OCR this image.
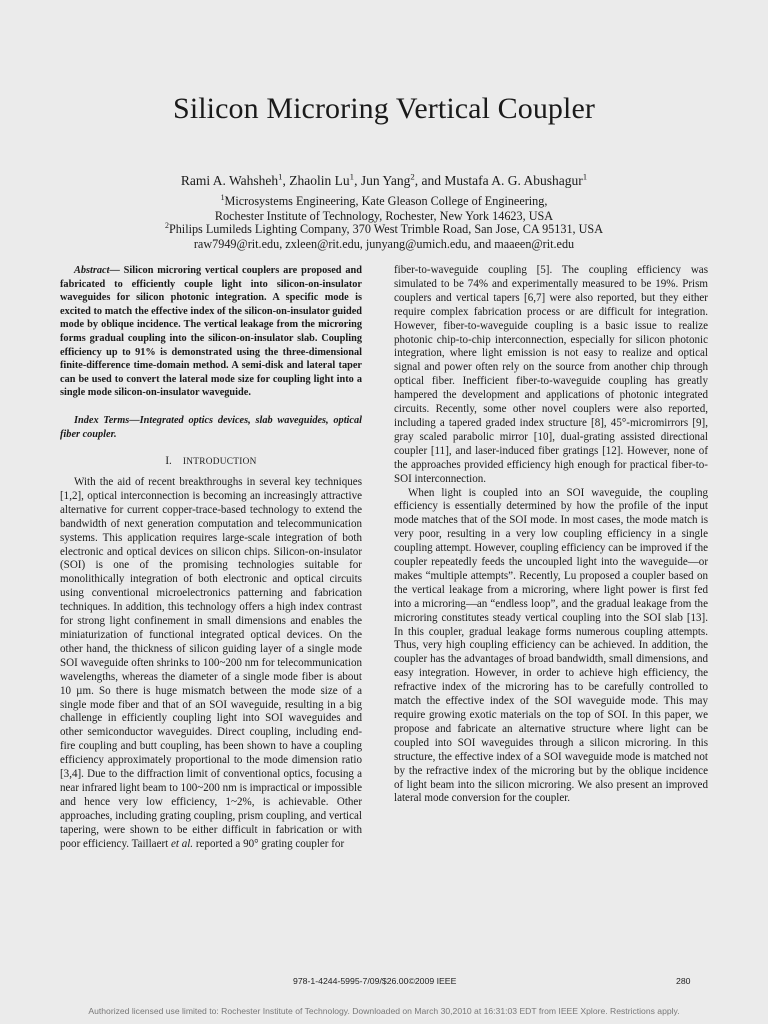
Silicon Microring Vertical Coupler
Rami A. Wahsheh$^1$, Zhaolin Lu$^1$, Jun Yang$^2$, and Mustafa A. G. Abushagur$^1$
$^1$Microsystems Engineering, Kate Gleason College of Engineering,
Rochester Institute of Technology, Rochester, New York 14623, USA
$^2$Philips Lumileds Lighting Company, 370 West Trimble Road, San Jose, CA 95131, USA
raw7949@rit.edu, zxleen@rit.edu, junyang@umich.edu, and maaeen@rit.edu

Abstract— Silicon microring vertical couplers are proposed and fabricated to efficiently couple light into silicon-on-insulator waveguides for silicon photonic integration. A specific mode is excited to match the effective index of the silicon-on-insulator guided mode by oblique incidence. The vertical leakage from the microring forms gradual coupling into the silicon-on-insulator slab. Coupling efficiency up to 91% is demonstrated using the three-dimensional finite-difference time-domain method. A semi-disk and lateral taper can be used to convert the lateral mode size for coupling light into a single mode silicon-on-insulator waveguide.

Index Terms—Integrated optics devices, slab waveguides, optical fiber coupler.

I. INTRODUCTION

With the aid of recent breakthroughs in several key techniques [1,2], optical interconnection is becoming an increasingly attractive alternative for current copper-trace-based technology to extend the bandwidth of next generation computation and telecommunication systems. This application requires large-scale integration of both electronic and optical devices on silicon chips. Silicon-on-insulator (SOI) is one of the promising technologies suitable for monolithically integration of both electronic and optical circuits using conventional microelectronics patterning and fabrication techniques. In addition, this technology offers a high index contrast for strong light confinement in small dimensions and enables the miniaturization of functional integrated optical devices. On the other hand, the thickness of silicon guiding layer of a single mode SOI waveguide often shrinks to 100~200 nm for telecommunication wavelengths, whereas the diameter of a single mode fiber is about 10 µm. So there is huge mismatch between the mode size of a single mode fiber and that of an SOI waveguide, resulting in a big challenge in efficiently coupling light into SOI waveguides and other semiconductor waveguides. Direct coupling, including end-fire coupling and butt coupling, has been shown to have a coupling efficiency approximately proportional to the mode dimension ratio [3,4]. Due to the diffraction limit of conventional optics, focusing a near infrared light beam to 100~200 nm is impractical or impossible and hence very low efficiency, 1~2%, is achievable. Other approaches, including grating coupling, prism coupling, and vertical tapering, were shown to be either difficult in fabrication or with poor efficiency. Taillaert et al. reported a 90° grating coupler for

fiber-to-waveguide coupling [5]. The coupling efficiency was simulated to be 74% and experimentally measured to be 19%. Prism couplers and vertical tapers [6,7] were also reported, but they either require complex fabrication process or are difficult for integration. However, fiber-to-waveguide coupling is a basic issue to realize photonic chip-to-chip interconnection, especially for silicon photonic integration, where light emission is not easy to realize and optical signal and power often rely on the source from another chip through optical fiber. Inefficient fiber-to-waveguide coupling has greatly hampered the development and applications of photonic integrated circuits. Recently, some other novel couplers were also reported, including a tapered graded index structure [8], 45°-micromirrors [9], gray scaled parabolic mirror [10], dual-grating assisted directional coupler [11], and laser-induced fiber gratings [12]. However, none of the approaches provided efficiency high enough for practical fiber-to-SOI interconnection.

When light is coupled into an SOI waveguide, the coupling efficiency is essentially determined by how the profile of the input mode matches that of the SOI mode. In most cases, the mode match is very poor, resulting in a very low coupling efficiency in a single coupling attempt. However, coupling efficiency can be improved if the coupler repeatedly feeds the uncoupled light into the waveguide—or makes “multiple attempts”. Recently, Lu proposed a coupler based on the vertical leakage from a microring, where light power is first fed into a microring—an “endless loop”, and the gradual leakage from the microring constitutes steady vertical coupling into the SOI slab [13]. In this coupler, gradual leakage forms numerous coupling attempts. Thus, very high coupling efficiency can be achieved. In addition, the coupler has the advantages of broad bandwidth, small dimensions, and easy integration. However, in order to achieve high efficiency, the refractive index of the microring has to be carefully controlled to match the effective index of the SOI waveguide mode. This may require growing exotic materials on the top of SOI. In this paper, we propose and fabricate an alternative structure where light can be coupled into SOI waveguides through a silicon microring. In this structure, the effective index of a SOI waveguide mode is matched not by the refractive index of the microring but by the oblique incidence of light beam into the silicon microring. We also present an improved lateral mode conversion for the coupler.

978-1-4244-5995-7/09/$26.00©2009 IEEE	280
Authorized licensed use limited to: Rochester Institute of Technology. Downloaded on March 30,2010 at 16:31:03 EDT from IEEE Xplore. Restrictions apply.
